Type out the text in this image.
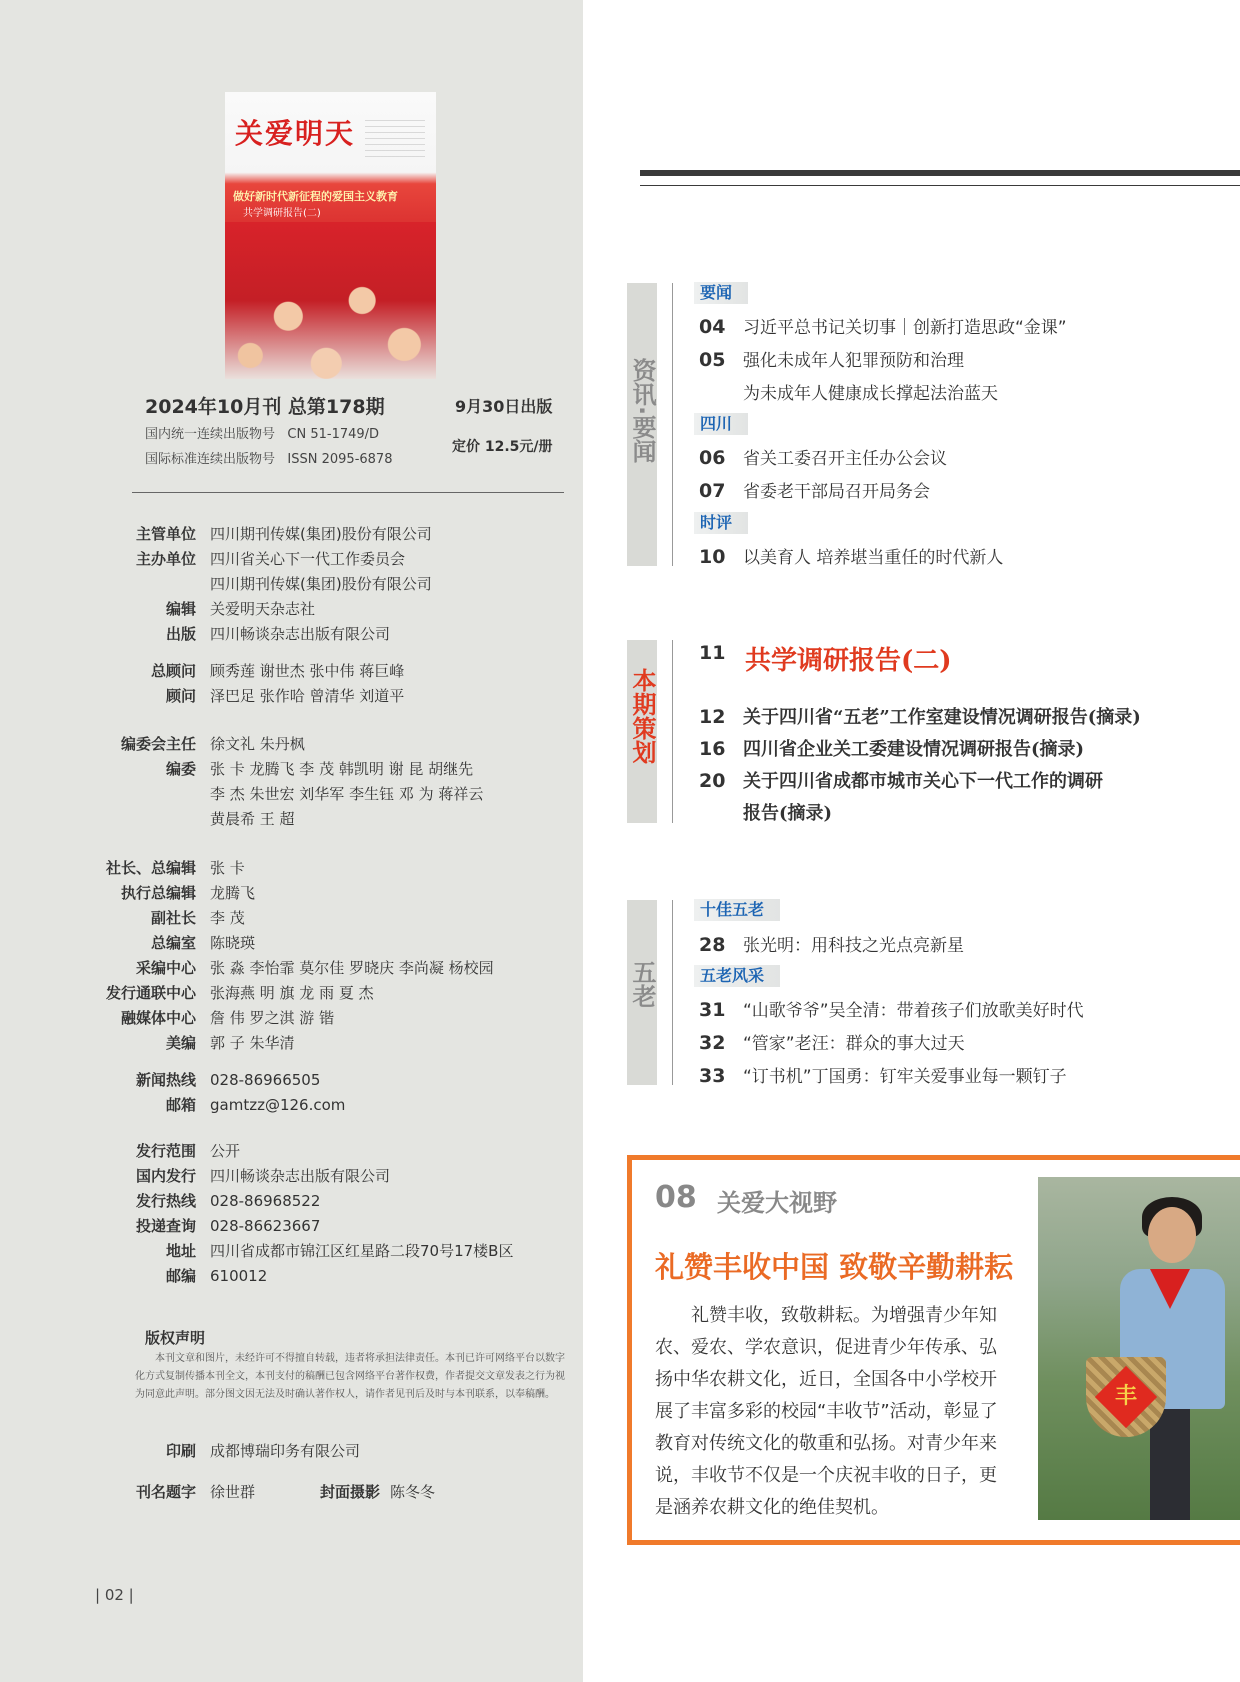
关爱明天
做好新时代新征程的爱国主义教育
共学调研报告(二)
2024年10月刊 总第178期	9月30日出版
国内统一连续出版物号 CN 51-1749/D
国际标准连续出版物号 ISSN 2095-6878
定价 12.5元/册
主管单位 四川期刊传媒(集团)股份有限公司
主办单位 四川省关心下一代工作委员会
四川期刊传媒(集团)股份有限公司
编辑 关爱明天杂志社
出版 四川畅谈杂志出版有限公司
总顾问 顾秀莲 谢世杰 张中伟 蒋巨峰
顾问 泽巴足 张作哈 曾清华 刘道平
编委会主任 徐文礼 朱丹枫
编委 张 卡 龙腾飞 李 茂 韩凯明 谢 昆 胡继先
李 杰 朱世宏 刘华军 李生钰 邓 为 蒋祥云
黄晨希 王 超
社长、总编辑 张 卡
执行总编辑 龙腾飞
副社长 李 茂
总编室 陈晓瑛
采编中心 张 淼 李怡霏 莫尔佳 罗晓庆 李尚凝 杨校园
发行通联中心 张海燕 明 旗 龙 雨 夏 杰
融媒体中心 詹 伟 罗之淇 游 锴
美编 郭 子 朱华清
新闻热线 028-86966505
邮箱 gamtzz@126.com
发行范围 公开
国内发行 四川畅谈杂志出版有限公司
发行热线 028-86968522
投递查询 028-86623667
地址 四川省成都市锦江区红星路二段70号17楼B区
邮编 610012
版权声明
本刊文章和图片，未经许可不得擅自转载，违者将承担法律责任。本刊已许可网络平台以数字化方式复制传播本刊全文，本刊支付的稿酬已包含网络平台著作权费，作者提交文章发表之行为视为同意此声明。部分图文因无法及时确认著作权人，请作者见刊后及时与本刊联系，以奉稿酬。
印刷 成都博瑞印务有限公司
刊名题字 徐世群	封面摄影 陈冬冬
| 02 |
资讯·要闻
要闻
04 习近平总书记关切事｜创新打造思政“金课”
05 强化未成年人犯罪预防和治理
为未成年人健康成长撑起法治蓝天
四川
06 省关工委召开主任办公会议
07 省委老干部局召开局务会
时评
10 以美育人 培养堪当重任的时代新人
本期策划
11 共学调研报告(二)
12 关于四川省“五老”工作室建设情况调研报告(摘录)
16 四川省企业关工委建设情况调研报告(摘录)
20 关于四川省成都市城市关心下一代工作的调研
报告(摘录)
五老
十佳五老
28 张光明：用科技之光点亮新星
五老风采
31 “山歌爷爷”吴全清：带着孩子们放歌美好时代
32 “管家”老汪：群众的事大过天
33 “订书机”丁国勇：钉牢关爱事业每一颗钉子
08 关爱大视野
礼赞丰收中国 致敬辛勤耕耘
礼赞丰收，致敬耕耘。为增强青少年知农、爱农、学农意识，促进青少年传承、弘扬中华农耕文化，近日，全国各中小学校开展了丰富多彩的校园“丰收节”活动，彰显了教育对传统文化的敬重和弘扬。对青少年来说，丰收节不仅是一个庆祝丰收的日子，更是涵养农耕文化的绝佳契机。
丰
